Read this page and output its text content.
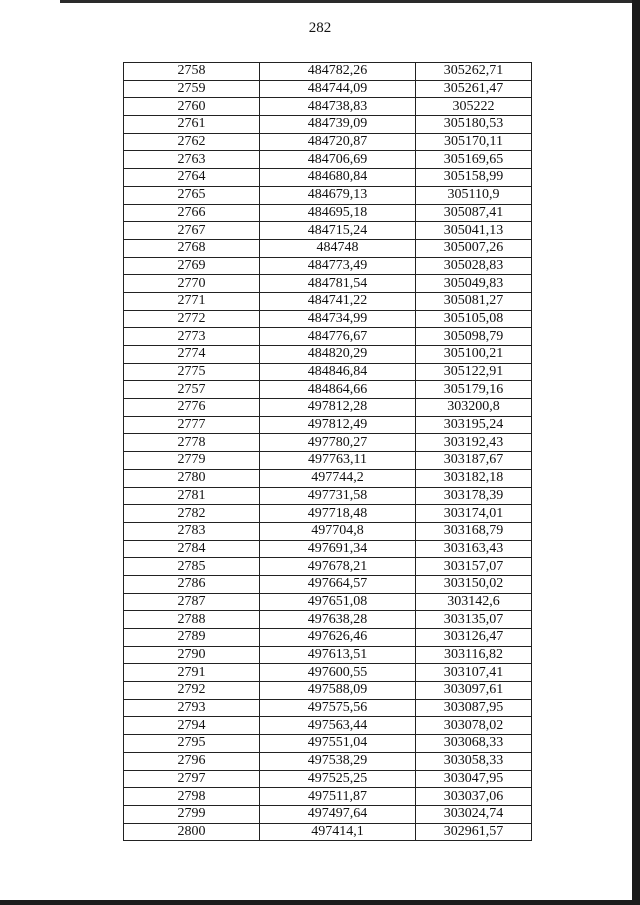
282
2758	484782,26	305262,71
2759	484744,09	305261,47
2760	484738,83	305222
2761	484739,09	305180,53
2762	484720,87	305170,11
2763	484706,69	305169,65
2764	484680,84	305158,99
2765	484679,13	305110,9
2766	484695,18	305087,41
2767	484715,24	305041,13
2768	484748	305007,26
2769	484773,49	305028,83
2770	484781,54	305049,83
2771	484741,22	305081,27
2772	484734,99	305105,08
2773	484776,67	305098,79
2774	484820,29	305100,21
2775	484846,84	305122,91
2757	484864,66	305179,16
2776	497812,28	303200,8
2777	497812,49	303195,24
2778	497780,27	303192,43
2779	497763,11	303187,67
2780	497744,2	303182,18
2781	497731,58	303178,39
2782	497718,48	303174,01
2783	497704,8	303168,79
2784	497691,34	303163,43
2785	497678,21	303157,07
2786	497664,57	303150,02
2787	497651,08	303142,6
2788	497638,28	303135,07
2789	497626,46	303126,47
2790	497613,51	303116,82
2791	497600,55	303107,41
2792	497588,09	303097,61
2793	497575,56	303087,95
2794	497563,44	303078,02
2795	497551,04	303068,33
2796	497538,29	303058,33
2797	497525,25	303047,95
2798	497511,87	303037,06
2799	497497,64	303024,74
2800	497414,1	302961,57
